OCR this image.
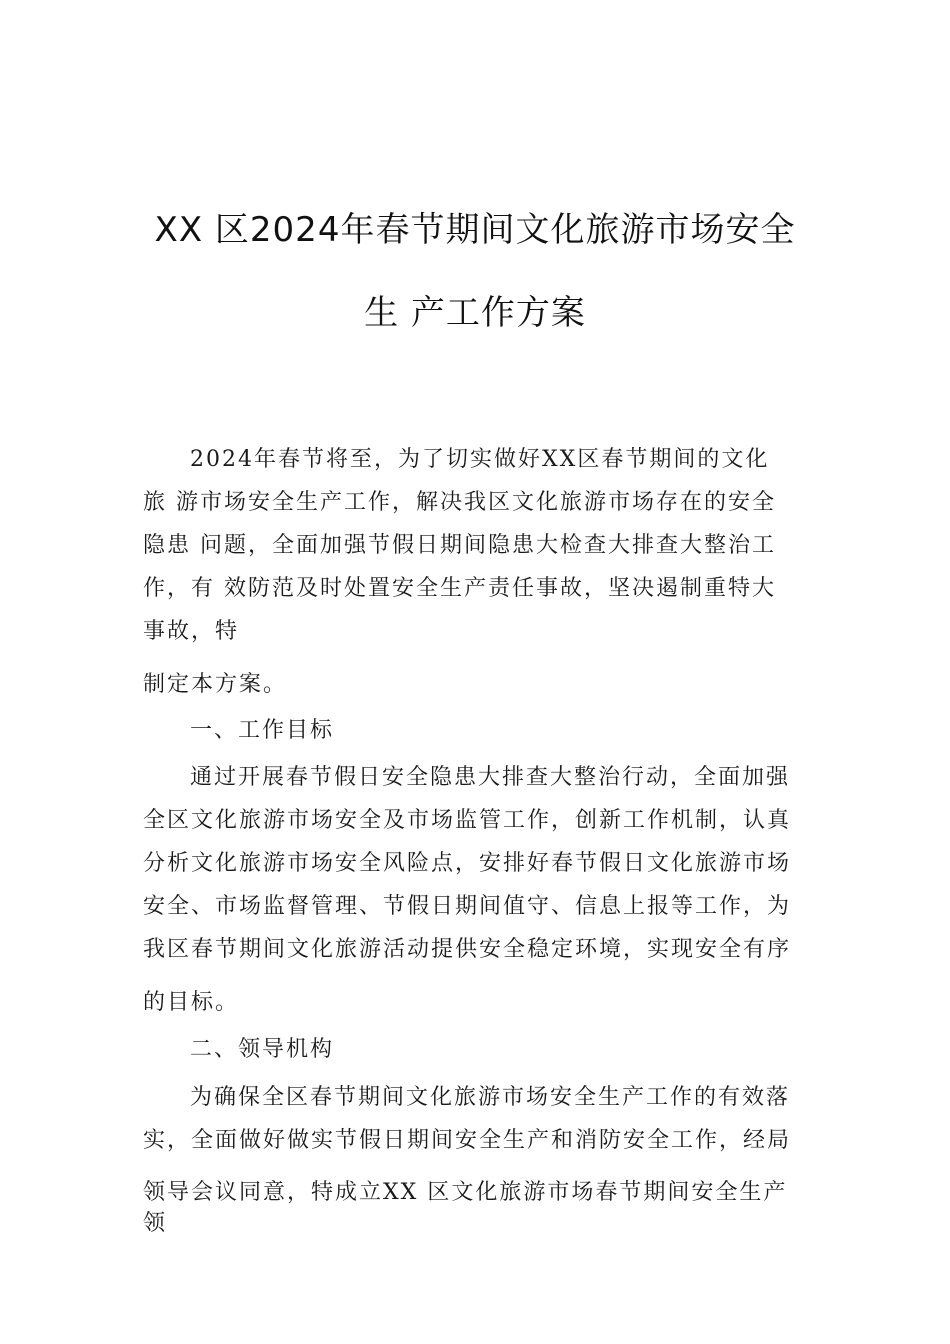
XX 区2024年春节期间文化旅游市场安全
生 产工作方案
2024年春节将至，为了切实做好XX区春节期间的文化
旅 游市场安全生产工作，解决我区文化旅游市场存在的安全
隐患 问题，全面加强节假日期间隐患大检查大排查大整治工
作，有 效防范及时处置安全生产责任事故，坚决遏制重特大
事故，特
制定本方案。
一、工作目标
通过开展春节假日安全隐患大排查大整治行动，全面加强
全区文化旅游市场安全及市场监管工作，创新工作机制，认真
分析文化旅游市场安全风险点，安排好春节假日文化旅游市场
安全、市场监督管理、节假日期间值守、信息上报等工作，为
我区春节期间文化旅游活动提供安全稳定环境，实现安全有序
的目标。
二、领导机构
为确保全区春节期间文化旅游市场安全生产工作的有效落
实，全面做好做实节假日期间安全生产和消防安全工作，经局
领导会议同意，特成立XX 区文化旅游市场春节期间安全生产
领
